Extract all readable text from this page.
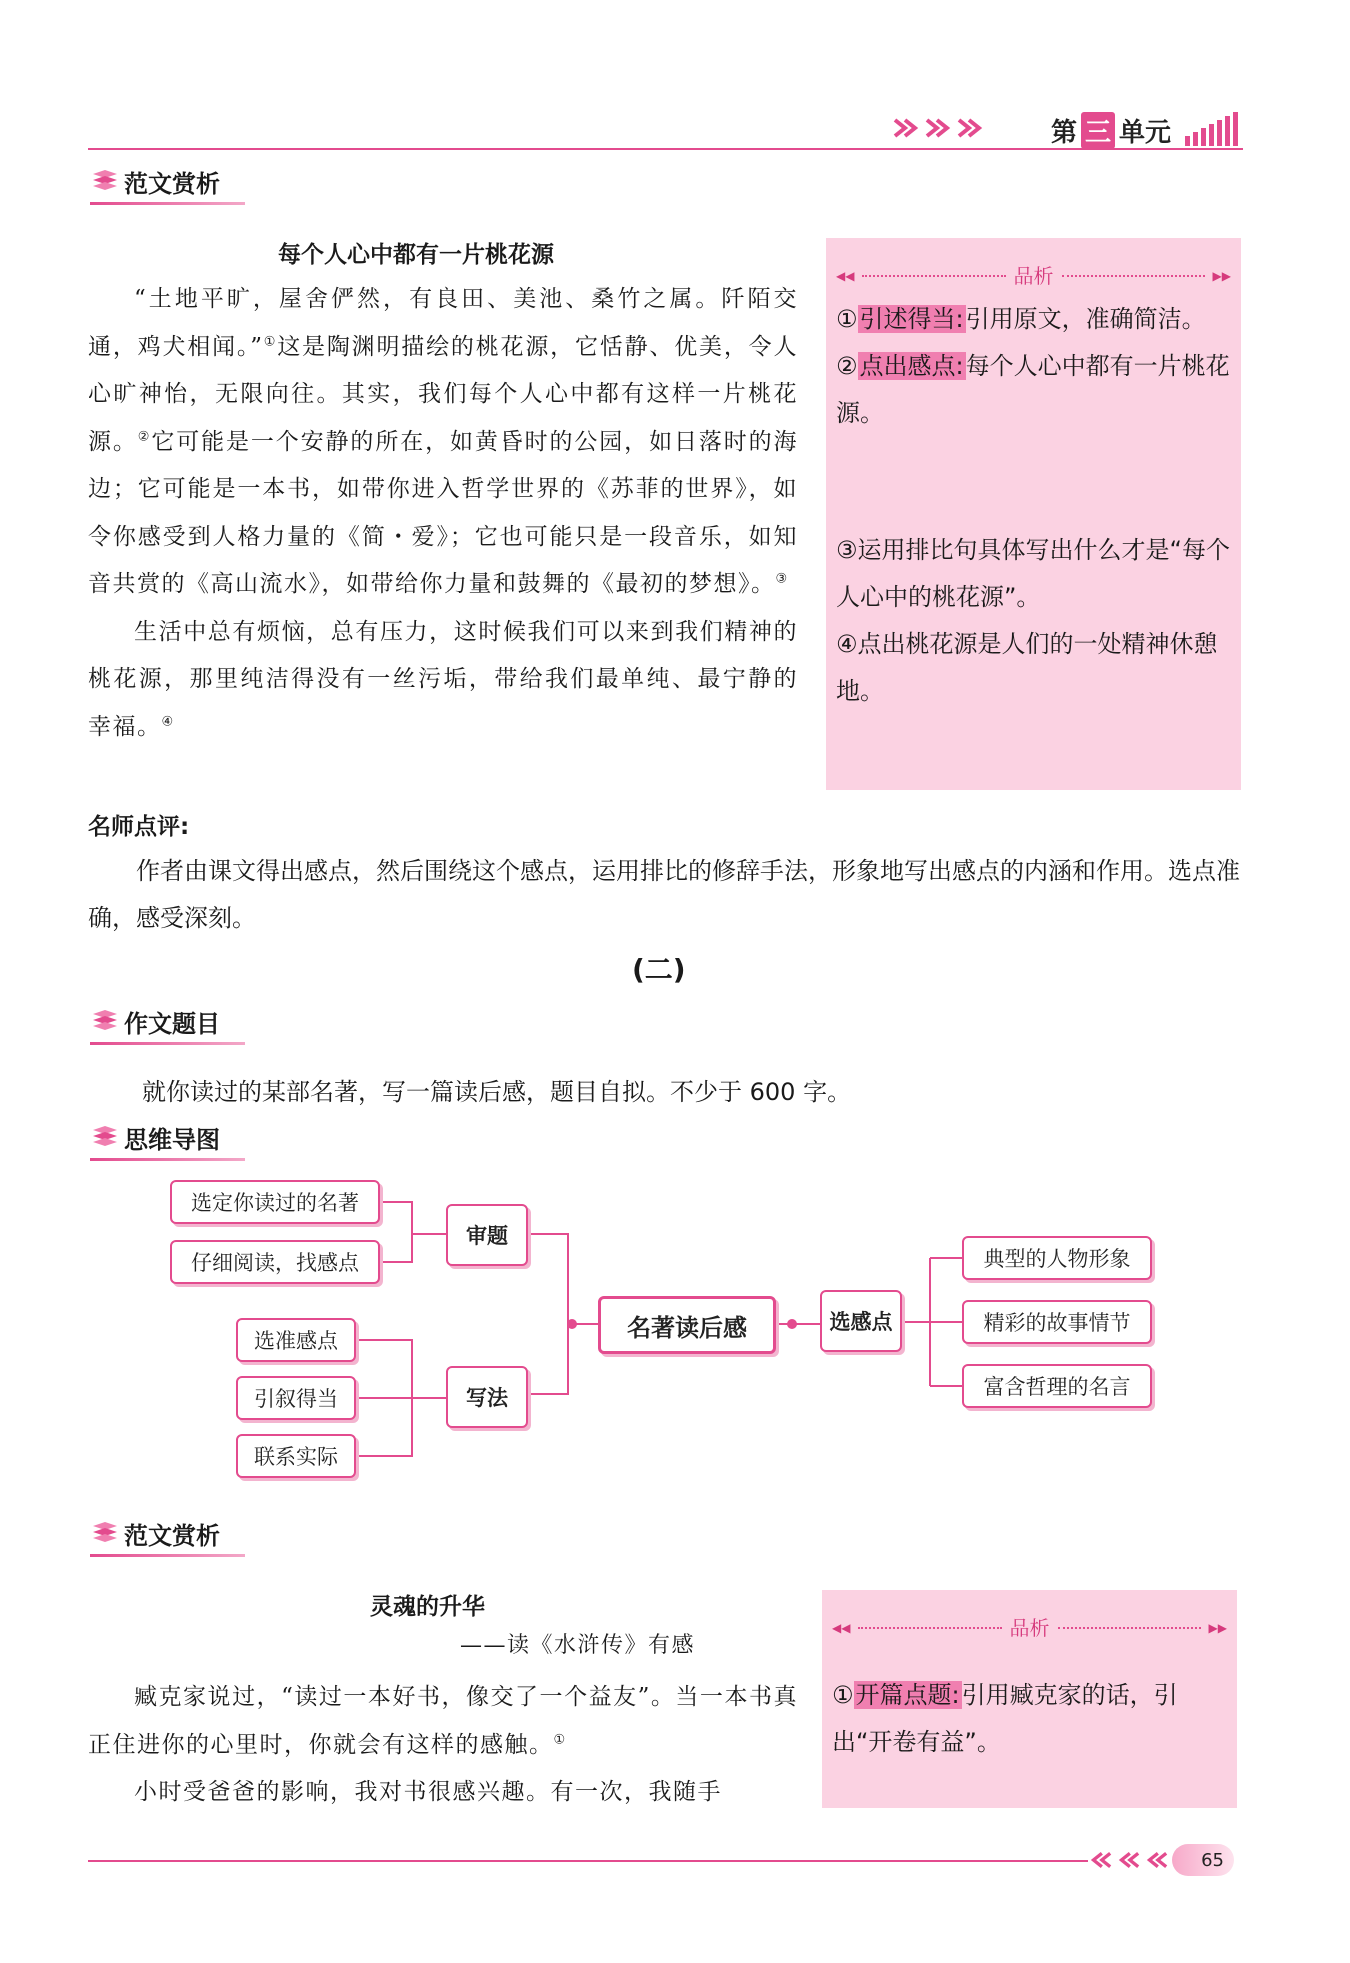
第 三 单元
范文赏析
每个人心中都有一片桃花源

“土地平旷，屋舍俨然，有良田、美池、桑竹之属。阡陌交通，鸡犬相闻。”①这是陶渊明描绘的桃花源，它恬静、优美，令人心旷神怡，无限向往。其实，我们每个人心中都有这样一片桃花源。②它可能是一个安静的所在，如黄昏时的公园，如日落时的海边；它可能是一本书，如带你进入哲学世界的《苏菲的世界》，如令你感受到人格力量的《简・爱》；它也可能只是一段音乐，如知音共赏的《高山流水》，如带给你力量和鼓舞的《最初的梦想》。③

生活中总有烦恼，总有压力，这时候我们可以来到我们精神的桃花源，那里纯洁得没有一丝污垢，带给我们最单纯、最宁静的幸福。④

◀◀	品析	▶▶
①引述得当:引用原文，准确简洁。
②点出感点:每个人心中都有一片桃花源。
③运用排比句具体写出什么才是“每个人心中的桃花源”。
④点出桃花源是人们的一处精神休憩地。
名师点评:

作者由课文得出感点，然后围绕这个感点，运用排比的修辞手法，形象地写出感点的内涵和作用。选点准确，感受深刻。

(二)
作文题目
就你读过的某部名著，写一篇读后感，题目自拟。不少于 600 字。
思维导图
选定你读过的名著
仔细阅读，找感点
审题
选准感点
引叙得当
联系实际
写法
名著读后感	选感点
典型的人物形象
精彩的故事情节
富含哲理的名言
范文赏析
灵魂的升华
——读《水浒传》有感

臧克家说过，“读过一本好书，像交了一个益友”。当一本书真正住进你的心里时，你就会有这样的感触。①

小时受爸爸的影响，我对书很感兴趣。有一次，我随手

◀◀	品析	▶▶
①开篇点题:引用臧克家的话，引出“开卷有益”。
65
